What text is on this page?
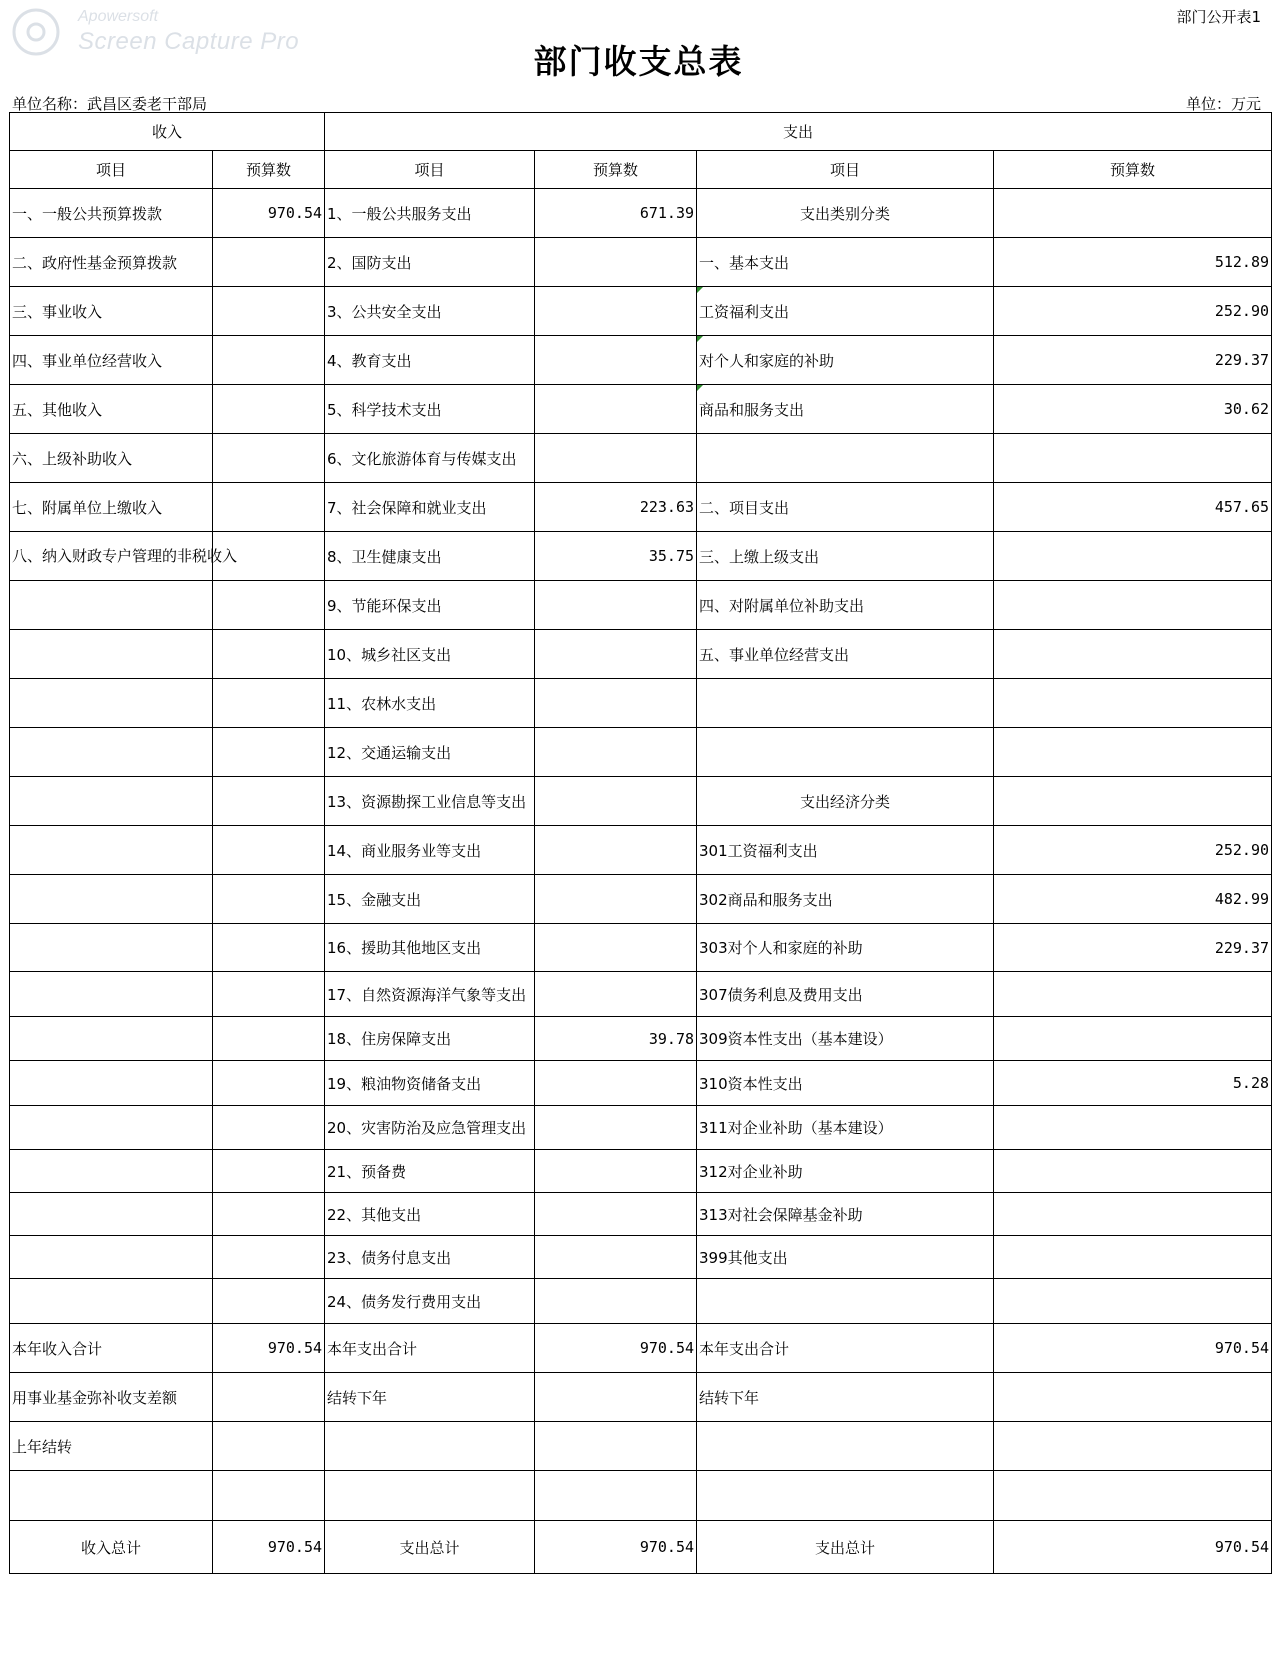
Apowersoft
Screen Capture Pro
部门公开表1
部门收支总表
单位名称：武昌区委老干部局	单位：万元
收入		支出			
项目	预算数	项目	预算数	项目	预算数
一、一般公共预算拨款	970.54	1、一般公共服务支出	671.39	支出类别分类	
二、政府性基金预算拨款		2、国防支出		一、基本支出	512.89
三、事业收入		3、公共安全支出		工资福利支出	252.90
四、事业单位经营收入		4、教育支出		对个人和家庭的补助	229.37
五、其他收入		5、科学技术支出		商品和服务支出	30.62
六、上级补助收入		6、文化旅游体育与传媒支出			
七、附属单位上缴收入		7、社会保障和就业支出	223.63	二、项目支出	457.65
八、纳入财政专户管理的非税收入		8、卫生健康支出	35.75	三、上缴上级支出	
		9、节能环保支出		四、对附属单位补助支出	
		10、城乡社区支出		五、事业单位经营支出	
		11、农林水支出			
		12、交通运输支出			
		13、资源勘探工业信息等支出		支出经济分类	
		14、商业服务业等支出		301工资福利支出	252.90
		15、金融支出		302商品和服务支出	482.99
		16、援助其他地区支出		303对个人和家庭的补助	229.37
		17、自然资源海洋气象等支出		307债务利息及费用支出	
		18、住房保障支出	39.78	309资本性支出（基本建设）	
		19、粮油物资储备支出		310资本性支出	5.28
		20、灾害防治及应急管理支出		311对企业补助（基本建设）	
		21、预备费		312对企业补助	
		22、其他支出		313对社会保障基金补助	
		23、债务付息支出		399其他支出	
		24、债务发行费用支出			
本年收入合计	970.54	本年支出合计	970.54	本年支出合计	970.54
用事业基金弥补收支差额		结转下年		结转下年	
上年结转					

收入总计	970.54	支出总计	970.54	支出总计	970.54
